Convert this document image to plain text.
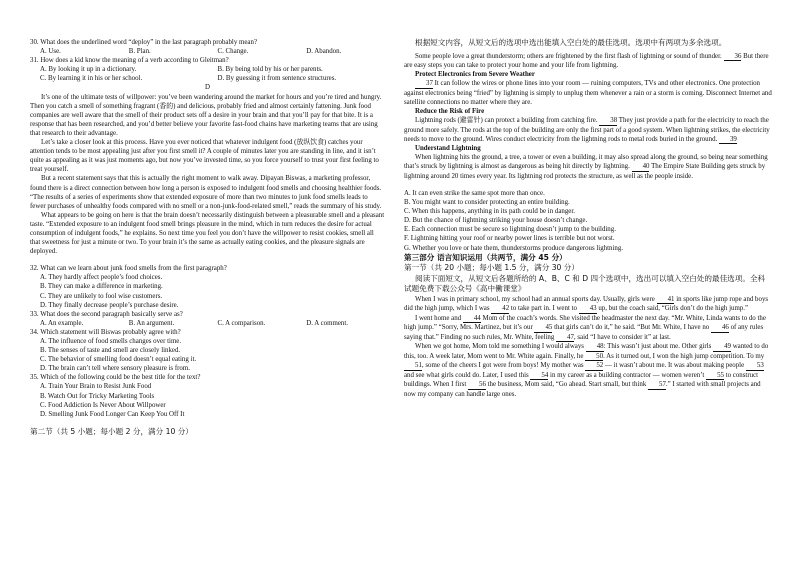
30. What does the underlined word “deploy” in the last paragraph probably mean?

A. Use.	B. Plan.	C. Change.	D. Abandon.

31. How does a kid know the meaning of a verb according to Gleitman?

A. By looking it up in a dictionary.	B. By being told by his or her parents.
C. By learning it in his or her school.	D. By guessing it from sentence structures.

D

It’s one of the ultimate tests of willpower: you’ve been wandering around the market for hours and you’re tired and hungry. Then you catch a smell of something fragrant (香的) and delicious, probably fried and almost certainly fattening. Junk food companies are well aware that the smell of their product sets off a desire in your brain and that you’ll pay for that bite. It is a response that has been researched, and you’d better believe your favorite fast-food chains have marketing teams that are using that research to their advantage.

Let’s take a closer look at this process. Have you ever noticed that whatever indulgent food (放纵饮食) catches your attention tends to be most appealing just after you first smell it? A couple of minutes later you are standing in line, and it isn’t quite as appealing as it was just moments ago, but now you’ve invested time, so you force yourself to trust your first feeling to treat yourself.

But a recent statement says that this is actually the right moment to walk away. Dipayan Biswas, a marketing professor, found there is a direct connection between how long a person is exposed to indulgent food smells and choosing healthier foods. “The results of a series of experiments show that extended exposure of more than two minutes to junk food smells leads to fewer purchases of unhealthy foods compared with no smell or a non-junk-food-related smell,” reads the summary of his study.

What appears to be going on here is that the brain doesn’t necessarily distinguish between a pleasurable smell and a pleasant taste. “Extended exposure to an indulgent food smell brings pleasure in the mind, which in turn reduces the desire for actual consumption of indulgent foods,” he explains. So next time you feel you don’t have the willpower to resist cookies, smell all that sweetness for just a minute or two. To your brain it’s the same as actually eating cookies, and the pleasure signals are deployed.

32. What can we learn about junk food smells from the first paragraph?

A. They hardly affect people’s food choices.

B. They can make a difference in marketing.

C. They are unlikely to fool wise customers.

D. They finally decrease people’s purchase desire.

33. What does the second paragraph basically serve as?

A. An example.	B. An argument.	C. A comparison.	D. A comment.

34. Which statement will Biswas probably agree with?

A. The influence of food smells changes over time.

B. The senses of taste and smell are closely linked.

C. The behavior of smelling food doesn’t equal eating it.

D. The brain can’t tell where sensory pleasure is from.

35. Which of the following could be the best title for the text?

A. Train Your Brain to Resist Junk Food

B. Watch Out for Tricky Marketing Tools

C. Food Addiction Is Never About Willpower

D. Smelling Junk Food Longer Can Keep You Off It

第二节（共 5 小题；每小题 2 分，满分 10 分）

根据短文内容，从短文后的选项中选出能填入空白处的最佳选项。选项中有两项为多余选项。

Some people love a great thunderstorm; others are frightened by the first flash of lightning or sound of thunder. 36 But there are easy steps you can take to protect your home and your life from lightning.

Protect Electronics from Severe Weather

37 It can follow the wires or phone lines into your room — ruining computers, TVs and other electronics. One protection against electronics being “fried” by lightning is simply to unplug them whenever a rain or a storm is coming. Disconnect Internet and satellite connections no matter where they are.

Reduce the Risk of Fire

Lightning rods (避雷针) can protect a building from catching fire. 38 They just provide a path for the electricity to reach the ground more safely. The rods at the top of the building are only the first part of a good system. When lightning strikes, the electricity needs to move to the ground. Wires conduct electricity from the lightning rods to metal rods buried in the ground. 39

Understand Lightning

When lightning hits the ground, a tree, a tower or even a building, it may also spread along the ground, so being near something that’s struck by lightning is almost as dangerous as being hit directly by lightning. 40 The Empire State Building gets struck by lightning around 20 times every year. Its lightning rod protects the structure, as well as the people inside.

A. It can even strike the same spot more than once.

B. You might want to consider protecting an entire building.

C. When this happens, anything in its path could be in danger.

D. But the chance of lightning striking your house doesn’t change.

E. Each connection must be secure so lightning doesn’t jump to the building.

F. Lightning hitting your roof or nearby power lines is terrible but not worst.

G. Whether you love or hate them, thunderstorms produce dangerous lightning.

第三部分 语言知识运用（共两节，满分 45 分）

第一节（共 20 小题；每小题 1.5 分，满分 30 分）

阅读下面短文，从短文后各题所给的 A、B、C 和 D 四个选项中，选出可以填入空白处的最佳选项。全科试题免费下载公众号《高中働课堂》

When I was in primary school, my school had an annual sports day. Usually, girls were 41 in sports like jump rope and boys did the high jump, which I was 42 to take part in. I went to 43 up, but the coach said, “Girls don’t do the high jump.”

I went home and 44 Mom of the coach’s words. She visited the headmaster the next day. “Mr. White, Linda wants to do the high jump.” “Sorry, Mrs. Martinez, but it’s our 45 that girls can’t do it,” he said. “But Mr. White, I have no 46 of any rules saying that.” Finding no such rules, Mr. White, feeling 47, said “I have to consider it” at last.

When we got home, Mom told me something I would always 48: This wasn’t just about me. Other girls 49 wanted to do this, too. A week later, Mom went to Mr. White again. Finally, he 50. As it turned out, I won the high jump competition. To my 51, some of the cheers I got were from boys! My mother was 52 — it wasn’t about me. It was about making people 53 and see what girls could do. Later, I used this 54 in my career as a building contractor — women weren’t 55 to construct buildings. When I first 56 the business, Mom said, “Go ahead. Start small, but think 57.” I started with small projects and now my company can handle large ones.
